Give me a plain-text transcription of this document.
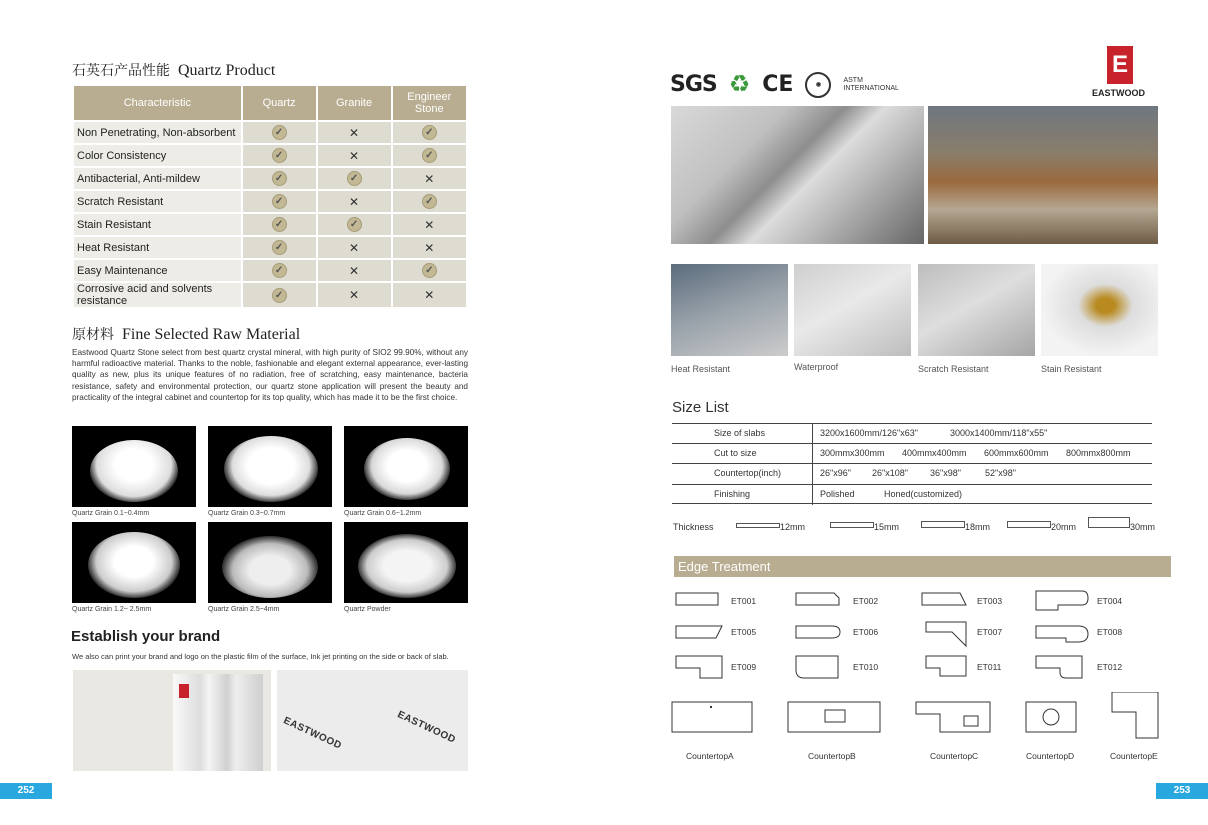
石英石产品性能 Quartz Product
Characteristic	Quartz	Granite	Engineer Stone
Non Penetrating, Non-absorbent	✓	✕	✓
Color Consistency	✓	✕	✓
Antibacterial, Anti-mildew	✓	✓	✕
Scratch Resistant	✓	✕	✓
Stain Resistant	✓	✓	✕
Heat Resistant	✓	✕	✕
Easy Maintenance	✓	✕	✓
Corrosive acid and solvents resistance	✓	✕	✕
原材料 Fine Selected Raw Material
Eastwood Quartz Stone select from best quartz crystal mineral, with high purity of SIO2 99.90%, without any harmful radioactive material. Thanks to the noble, fashionable and elegant external appearance, ever-lasting quality as new, plus its unique features of no radiation, free of scratching, easy maintenance, bacteria resistance, safety and environmental protection, our quartz stone application will present the beauty and practicality of the integral cabinet and countertop for its top quality, which has made it to be the first choice.
Quartz Grain 0.1~0.4mm	Quartz Grain 0.3~0.7mm	Quartz Grain 0.6~1.2mm
Quartz Grain 1.2~ 2.5mm	Quartz Grain 2.5~4mm	Quartz Powder
Establish your brand
We also can print your brand and logo on the plastic film of the surface, Ink jet printing on the side or back of slab.
EASTWOOD
EASTWOOD
252
SGS ♻ CE	◉
ASTM
INTERNATIONAL
E
EASTWOOD
Heat Resistant	Waterproof	Scratch Resistant	Stain Resistant
Size List
Size of slabs	3200x1600mm/126"x63"	3000x1400mm/118"x55"
Cut to size	300mmx300mm 400mmx400mm 600mmx600mm 800mmx800mm
Countertop(inch)	26"x96" 26"x108" 36"x98"	52"x98"
Finishing	Polished	Honed(customized)
Thickness	12mm	15mm	18mm	20mm	30mm
Edge Treatment
ET001	ET002	ET003	ET004
ET005	ET006	ET007	ET008
ET009	ET010	ET011	ET012
CountertopA	CountertopB	CountertopC	CountertopD	CountertopE
253
